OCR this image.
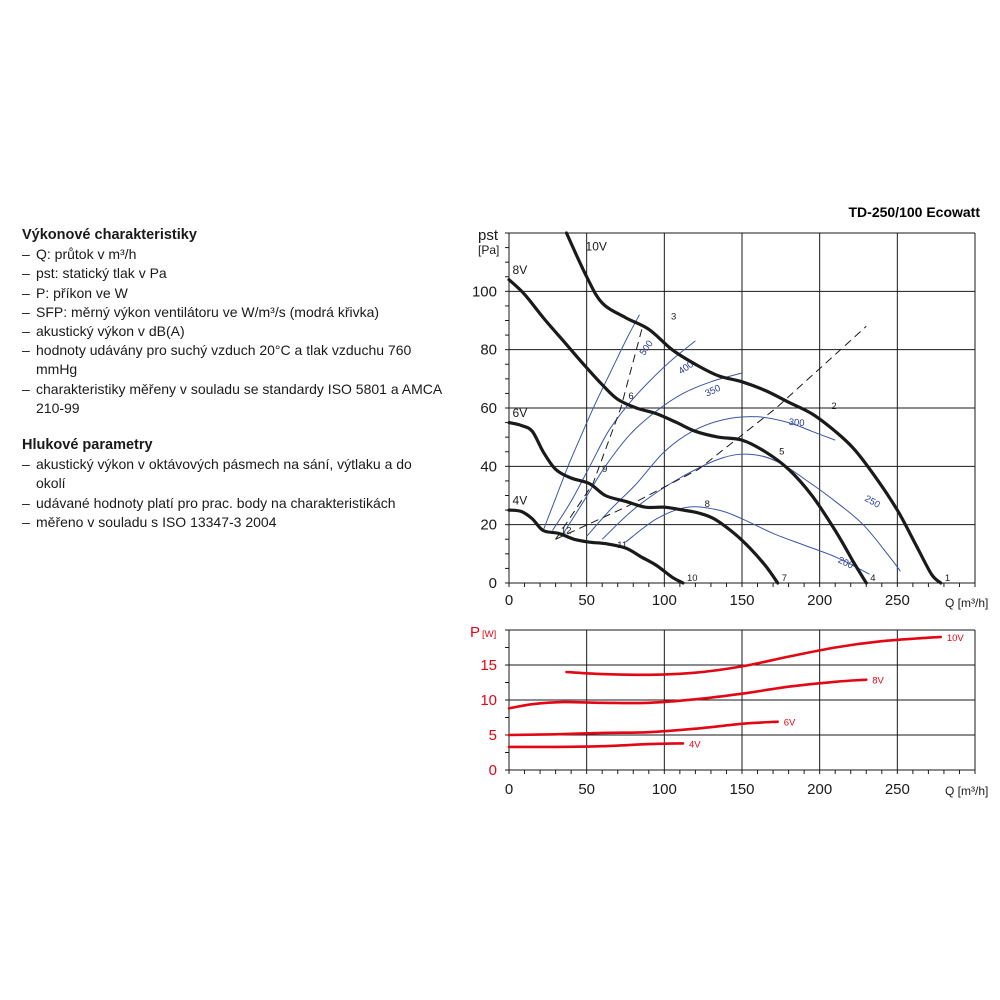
Výkonové charakteristiky
– Q: průtok v m³/h
– pst: statický tlak v Pa
– P: příkon ve W
– SFP: měrný výkon ventilátoru ve W/m³/s (modrá křivka)
– akustický výkon v dB(A)
– hodnoty udávány pro suchý vzduch 20°C a tlak vzduchu 760 mmHg
– charakteristiky měřeny v souladu se standardy ISO 5801 a AMCA 210-99
Hlukové parametry
– akustický výkon v oktávových pásmech na sání, výtlaku a do okolí
– udávané hodnoty platí pro prac. body na charakteristikách
– měřeno v souladu s ISO 13347-3 2004
TD-250/100 Ecowatt
0
20
40
60
80
100
0	50	100	150	200	250	Q [m³/h]
pst
[Pa]
500
400
350
300
250
200
10V
8V
6V
4V
1
2
3
4
5
6
7
8
9
10
11
12
0
5
10
15
0	50	100	150	200	250	Q [m³/h]
P [W]	10V
8V
6V
4V
